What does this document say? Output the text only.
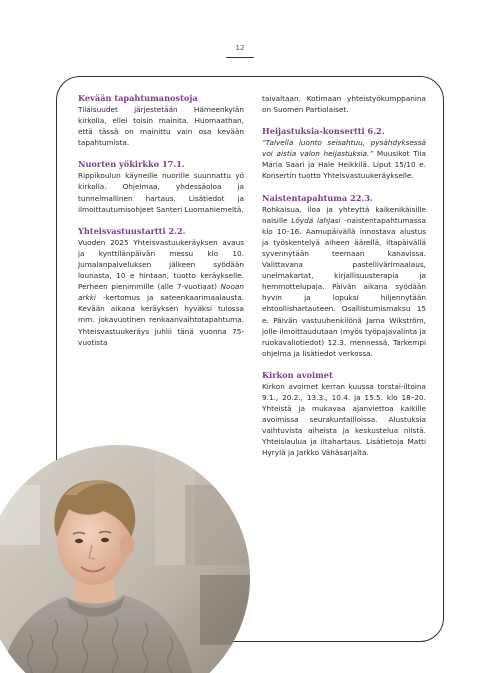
12

Kevään tapahtumanostoja

Tilaisuudet järjestetään Hämeenkylän kirkolla, ellei toisin mainita. Huomaathan, että tässä on mainittu vain osa kevään tapahtumista.

Nuorten yökirkko 17.1.

Rippikoulun käyneille nuorille suunnattu yö kirkolla. Ohjelmaa, yhdessäoloa ja tunnelmallinen hartaus. Lisätiedot ja ilmoittautumisohjeet Santeri Luomaniemeltä.

Yhteisvastuustartti 2.2.

Vuoden 2025 Yhteisvastuukeräyksen avaus ja kynttilänpäivän messu klo 10. Jumalanpalveluksen jälkeen syödään lounasta, 10 e hintaan, tuotto keräykselle. Perheen pienimmille (alle 7-vuotiaat) Nooan arkki -kertomus ja sateenkaarimaalausta. Kevään aikana keräyksen hyväksi tulossa mm. jokavuotinen renkaanvaihtotapahtuma. Yhteisvastuukeräys juhlii tänä vuonna 75-vuotista

taivaltaan. Kotimaan yhteistyökumppanina on Suomen Partiolaiset.

Heijastuksia-konsertti 6.2.

”Talvella luonto seisahtuu, pysähdyksessä voi aistia valon heijastuksia.” Muusikot Tiia Maria Saari ja Hale Heikkilä. Liput 15/10 e. Konsertin tuotto Yhteisvastuukeräykselle.

Naistentapahtuma 22.3.

Rohkaisua, iloa ja yhteyttä kaikenikäisille naisille Löydä lahjasi -naistentapahtumassa klo 10–16. Aamupäivällä innostava alustus ja työskentelyä aiheen äärellä, iltapäivällä syvennytään teemaan kanavissa. Valittavana pastellivärimaalaus, unelmakartat, kirjallisuusterapia ja hemmottelupaja. Päivän aikana syödään hyvin ja lopuksi hiljennytään ehtoollishartauteen. Osallistumismaksu 15 e. Päivän vastuuhenkilönä Jarna Wikström, jolle ilmoittaudutaan (myös työpajavalinta ja ruokavaliotiedot) 12.3. mennessä. Tarkempi ohjelma ja lisätiedot verkossa.

Kirkon avoimet

Kirkon avoimet kerran kuussa torstai-iltoina 9.1., 20.2., 13.3., 10.4. ja 15.5. klo 18–20. Yhteistä ja mukavaa ajanviettoa kaikille avoimissa seurakuntailloissa. Alustuksia vaihtuvista aiheista ja keskustelua niistä. Yhteislaulua ja iltahartaus. Lisätietoja Matti Hyrylä ja Jarkko Vähäsarjalta.
